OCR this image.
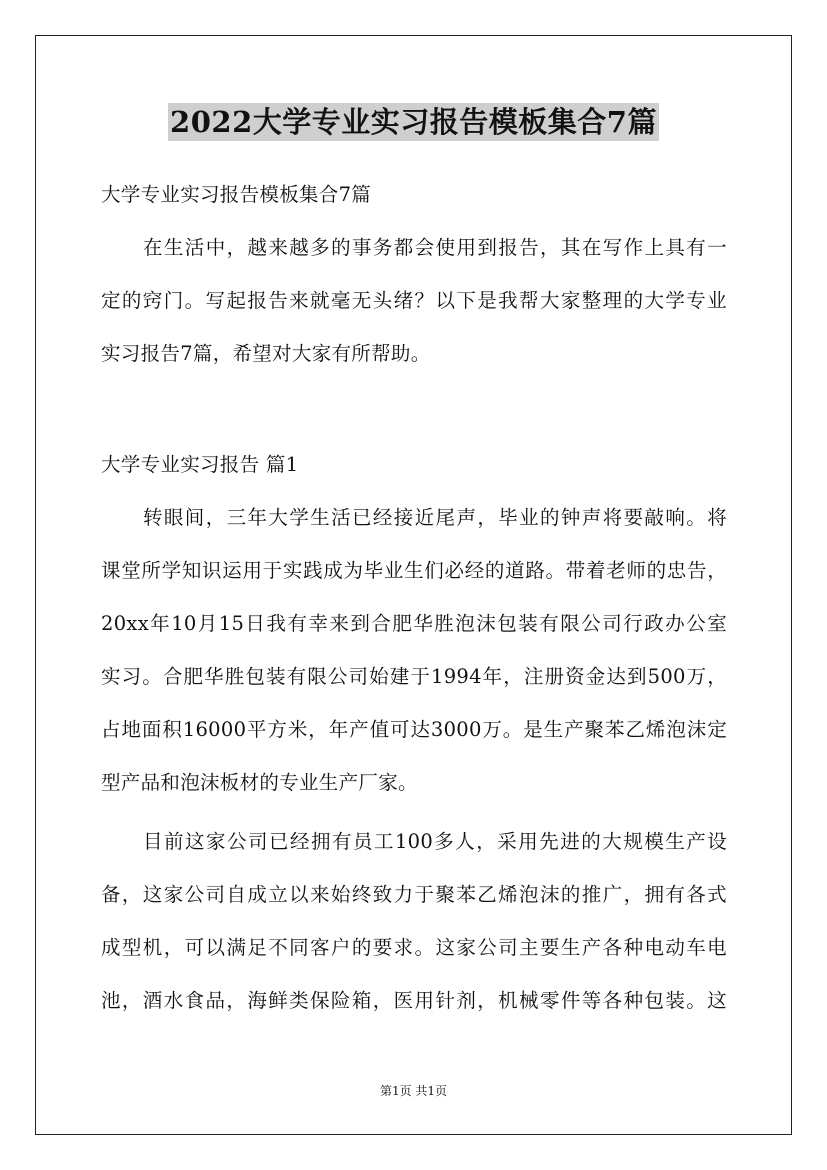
2022大学专业实习报告模板集合7篇
大学专业实习报告模板集合7篇
在生活中，越来越多的事务都会使用到报告，其在写作上具有一
定的窍门。写起报告来就毫无头绪？以下是我帮大家整理的大学专业
实习报告7篇，希望对大家有所帮助。
大学专业实习报告 篇1
转眼间，三年大学生活已经接近尾声，毕业的钟声将要敲响。将
课堂所学知识运用于实践成为毕业生们必经的道路。带着老师的忠告，
20xx年10月15日我有幸来到合肥华胜泡沫包装有限公司行政办公室
实习。合肥华胜包装有限公司始建于1994年，注册资金达到500万，
占地面积16000平方米，年产值可达3000万。是生产聚苯乙烯泡沫定
型产品和泡沫板材的专业生产厂家。
目前这家公司已经拥有员工100多人，采用先进的大规模生产设
备，这家公司自成立以来始终致力于聚苯乙烯泡沫的推广，拥有各式
成型机，可以满足不同客户的要求。这家公司主要生产各种电动车电
池，酒水食品，海鲜类保险箱，医用针剂，机械零件等各种包装。这
第1页 共1页
